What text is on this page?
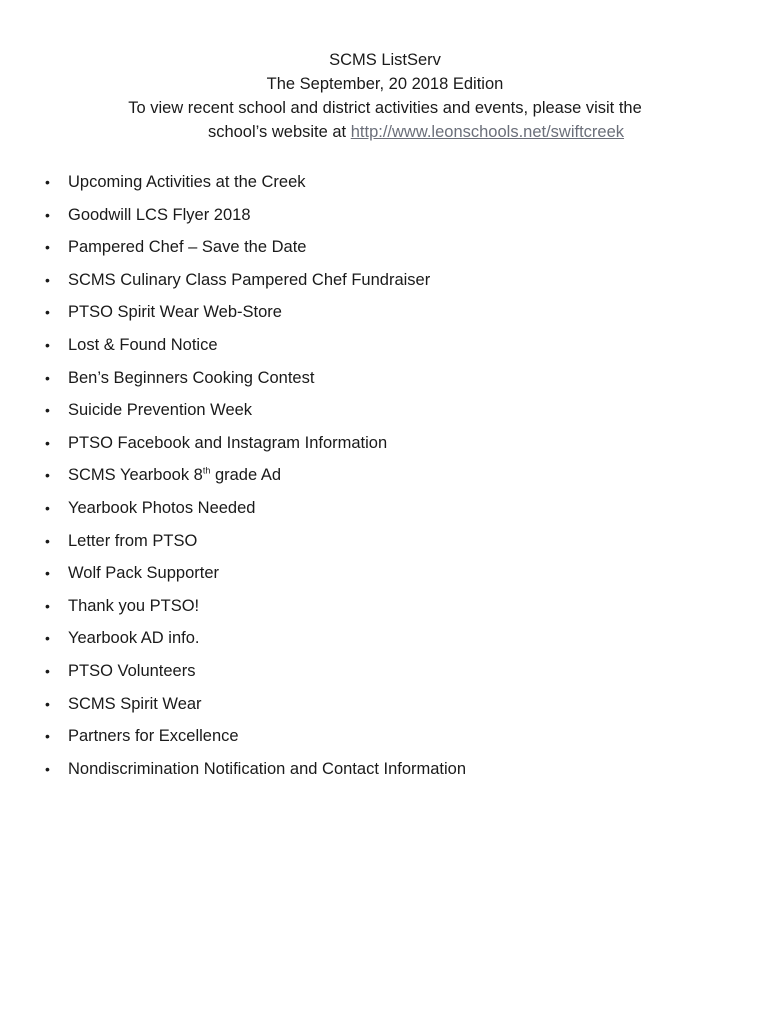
SCMS ListServ
The September, 20 2018 Edition
To view recent school and district activities and events, please visit the
school’s website at http://www.leonschools.net/swiftcreek
• Upcoming Activities at the Creek
• Goodwill LCS Flyer 2018
• Pampered Chef – Save the Date
• SCMS Culinary Class Pampered Chef Fundraiser
• PTSO Spirit Wear Web-Store
• Lost & Found Notice
• Ben’s Beginners Cooking Contest
• Suicide Prevention Week
• PTSO Facebook and Instagram Information
• SCMS Yearbook 8th grade Ad
• Yearbook Photos Needed
• Letter from PTSO
• Wolf Pack Supporter
• Thank you PTSO!
• Yearbook AD info.
• PTSO Volunteers
• SCMS Spirit Wear
• Partners for Excellence
• Nondiscrimination Notification and Contact Information
